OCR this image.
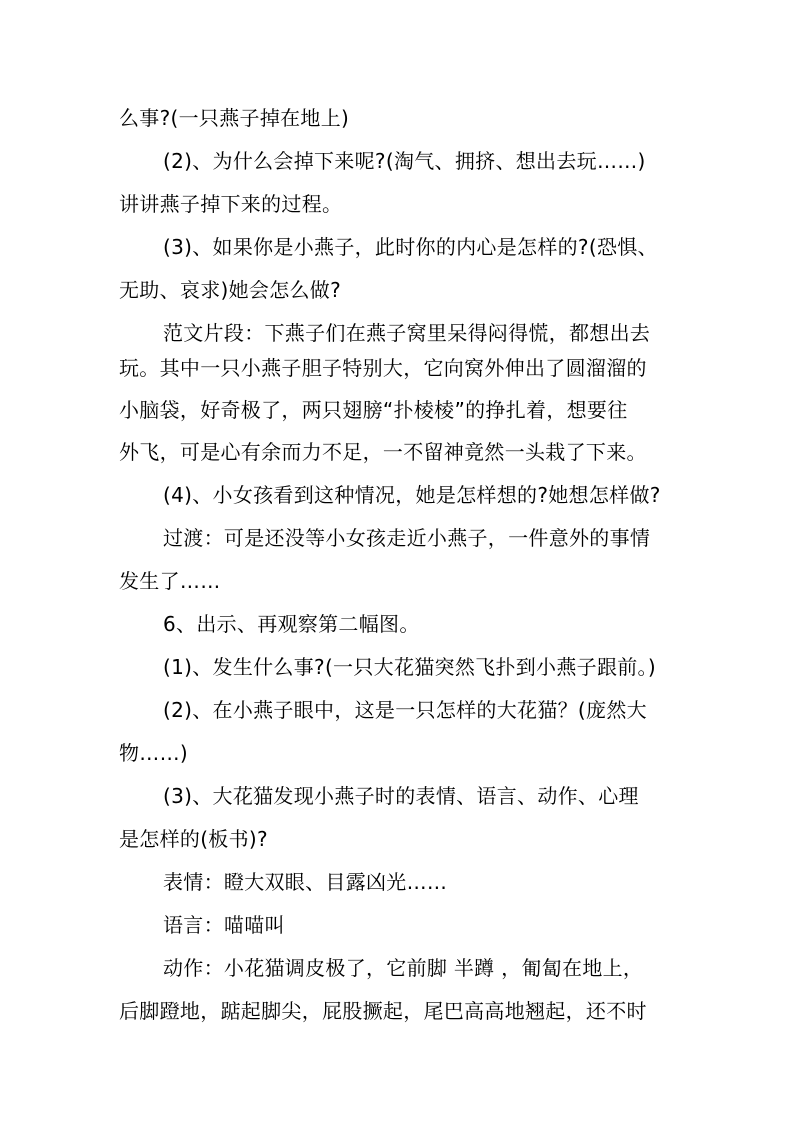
么事?(一只燕子掉在地上)
(2)、为什么会掉下来呢?(淘气、拥挤、想出去玩……)
讲讲燕子掉下来的过程。
(3)、如果你是小燕子，此时你的内心是怎样的?(恐惧、
无助、哀求)她会怎么做?
范文片段：下燕子们在燕子窝里呆得闷得慌，都想出去
玩。其中一只小燕子胆子特别大，它向窝外伸出了圆溜溜的
小脑袋，好奇极了，两只翅膀“扑棱棱”的挣扎着，想要往
外飞，可是心有余而力不足，一不留神竟然一头栽了下来。
(4)、小女孩看到这种情况，她是怎样想的?她想怎样做?
过渡：可是还没等小女孩走近小燕子，一件意外的事情
发生了……
6、出示、再观察第二幅图。
(1)、发生什么事?(一只大花猫突然飞扑到小燕子跟前。)
(2)、在小燕子眼中，这是一只怎样的大花猫？(庞然大
物……)
(3)、大花猫发现小燕子时的表情、语言、动作、心理
是怎样的(板书)?
表情：瞪大双眼、目露凶光……
语言：喵喵叫
动作：小花猫调皮极了，它前脚 半蹲 ，匍匐在地上，
后脚蹬地，踮起脚尖，屁股撅起，尾巴高高地翘起，还不时
